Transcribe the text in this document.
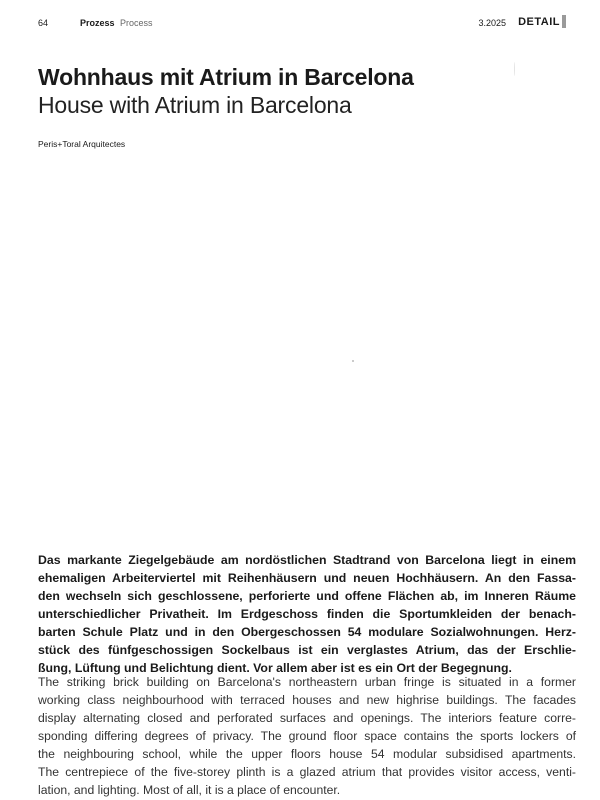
64	Prozess Process	3.2025 DETAIL
Wohnhaus mit Atrium in Barcelona
House with Atrium in Barcelona
Peris+Toral Arquitectes
Das markante Ziegelgebäude am nordöstlichen Stadtrand von Barcelona liegt in einem
ehemaligen Arbeiterviertel mit Reihenhäusern und neuen Hochhäusern. An den Fassa-
den wechseln sich geschlossene, perforierte und offene Flächen ab, im Inneren Räume
unterschiedlicher Privatheit. Im Erdgeschoss finden die Sportumkleiden der benach-
barten Schule Platz und in den Obergeschossen 54 modulare Sozialwohnungen. Herz-
stück des fünfgeschossigen Sockelbaus ist ein verglastes Atrium, das der Erschlie-
ßung, Lüftung und Belichtung dient. Vor allem aber ist es ein Ort der Begegnung.
The striking brick building on Barcelona's northeastern urban fringe is situated in a former
working class neighbourhood with terraced houses and new highrise buildings. The facades
display alternating closed and perforated surfaces and openings. The interiors feature corre-
sponding differing degrees of privacy. The ground floor space contains the sports lockers of
the neighbouring school, while the upper floors house 54 modular subsidised apartments.
The centrepiece of the five-storey plinth is a glazed atrium that provides visitor access, venti-
lation, and lighting. Most of all, it is a place of encounter.
